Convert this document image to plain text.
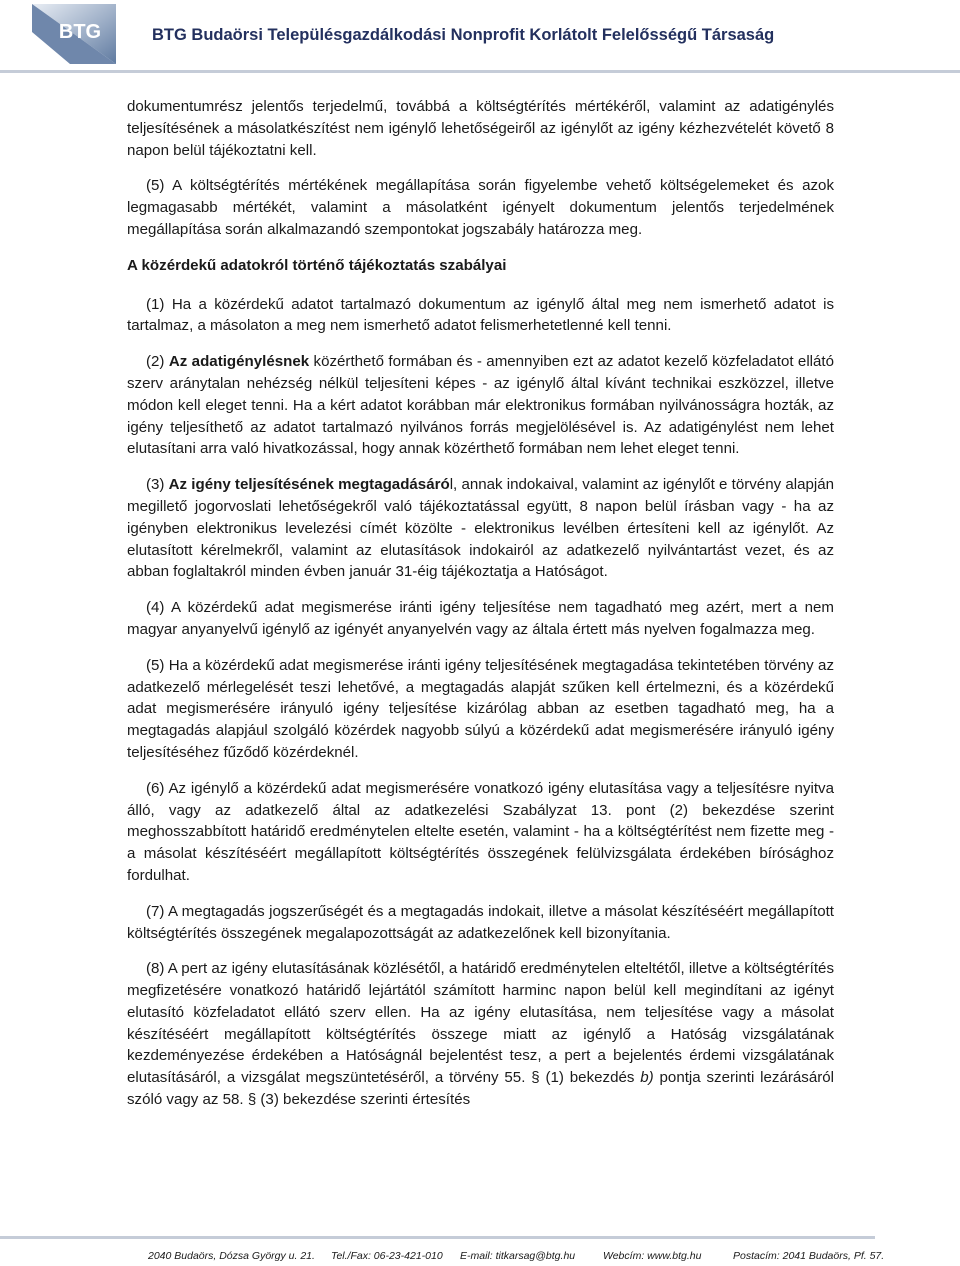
BTG	BTG Budaörsi Településgazdálkodási Nonprofit Korlátolt Felelősségű Társaság

dokumentumrész jelentős terjedelmű, továbbá a költségtérítés mértékéről, valamint az adatigénylés teljesítésének a másolatkészítést nem igénylő lehetőségeiről az igénylőt az igény kézhezvételét követő 8 napon belül tájékoztatni kell.

(5) A költségtérítés mértékének megállapítása során figyelembe vehető költségelemeket és azok legmagasabb mértékét, valamint a másolatként igényelt dokumentum jelentős terjedelmének megállapítása során alkalmazandó szempontokat jogszabály határozza meg.

A közérdekű adatokról történő tájékoztatás szabályai

(1) Ha a közérdekű adatot tartalmazó dokumentum az igénylő által meg nem ismerhető adatot is tartalmaz, a másolaton a meg nem ismerhető adatot felismerhetetlenné kell tenni.

(2) Az adatigénylésnek közérthető formában és - amennyiben ezt az adatot kezelő közfeladatot ellátó szerv aránytalan nehézség nélkül teljesíteni képes - az igénylő által kívánt technikai eszközzel, illetve módon kell eleget tenni. Ha a kért adatot korábban már elektronikus formában nyilvánosságra hozták, az igény teljesíthető az adatot tartalmazó nyilvános forrás megjelölésével is. Az adatigénylést nem lehet elutasítani arra való hivatkozással, hogy annak közérthető formában nem lehet eleget tenni.

(3) Az igény teljesítésének megtagadásáról, annak indokaival, valamint az igénylőt e törvény alapján megillető jogorvoslati lehetőségekről való tájékoztatással együtt, 8 napon belül írásban vagy - ha az igényben elektronikus levelezési címét közölte - elektronikus levélben értesíteni kell az igénylőt. Az elutasított kérelmekről, valamint az elutasítások indokairól az adatkezelő nyilvántartást vezet, és az abban foglaltakról minden évben január 31-éig tájékoztatja a Hatóságot.

(4) A közérdekű adat megismerése iránti igény teljesítése nem tagadható meg azért, mert a nem magyar anyanyelvű igénylő az igényét anyanyelvén vagy az általa értett más nyelven fogalmazza meg.

(5) Ha a közérdekű adat megismerése iránti igény teljesítésének megtagadása tekintetében törvény az adatkezelő mérlegelését teszi lehetővé, a megtagadás alapját szűken kell értelmezni, és a közérdekű adat megismerésére irányuló igény teljesítése kizárólag abban az esetben tagadható meg, ha a megtagadás alapjául szolgáló közérdek nagyobb súlyú a közérdekű adat megismerésére irányuló igény teljesítéséhez fűződő közérdeknél.

(6) Az igénylő a közérdekű adat megismerésére vonatkozó igény elutasítása vagy a teljesítésre nyitva álló, vagy az adatkezelő által az adatkezelési Szabályzat 13. pont (2) bekezdése szerint meghosszabbított határidő eredménytelen eltelte esetén, valamint - ha a költségtérítést nem fizette meg - a másolat készítéséért megállapított költségtérítés összegének felülvizsgálata érdekében bírósághoz fordulhat.

(7) A megtagadás jogszerűségét és a megtagadás indokait, illetve a másolat készítéséért megállapított költségtérítés összegének megalapozottságát az adatkezelőnek kell bizonyítania.

(8) A pert az igény elutasításának közlésétől, a határidő eredménytelen elteltétől, illetve a költségtérítés megfizetésére vonatkozó határidő lejártától számított harminc napon belül kell megindítani az igényt elutasító közfeladatot ellátó szerv ellen. Ha az igény elutasítása, nem teljesítése vagy a másolat készítéséért megállapított költségtérítés összege miatt az igénylő a Hatóság vizsgálatának kezdeményezése érdekében a Hatóságnál bejelentést tesz, a pert a bejelentés érdemi vizsgálatának elutasításáról, a vizsgálat megszüntetéséről, a törvény 55. § (1) bekezdés b) pontja szerinti lezárásáról szóló vagy az 58. § (3) bekezdése szerinti értesítés

2040 Budaörs, Dózsa György u. 21. Tel./Fax: 06-23-421-010 E-mail: titkarsag@btg.hu	Webcím: www.btg.hu	Postacím: 2041 Budaörs, Pf. 57.
